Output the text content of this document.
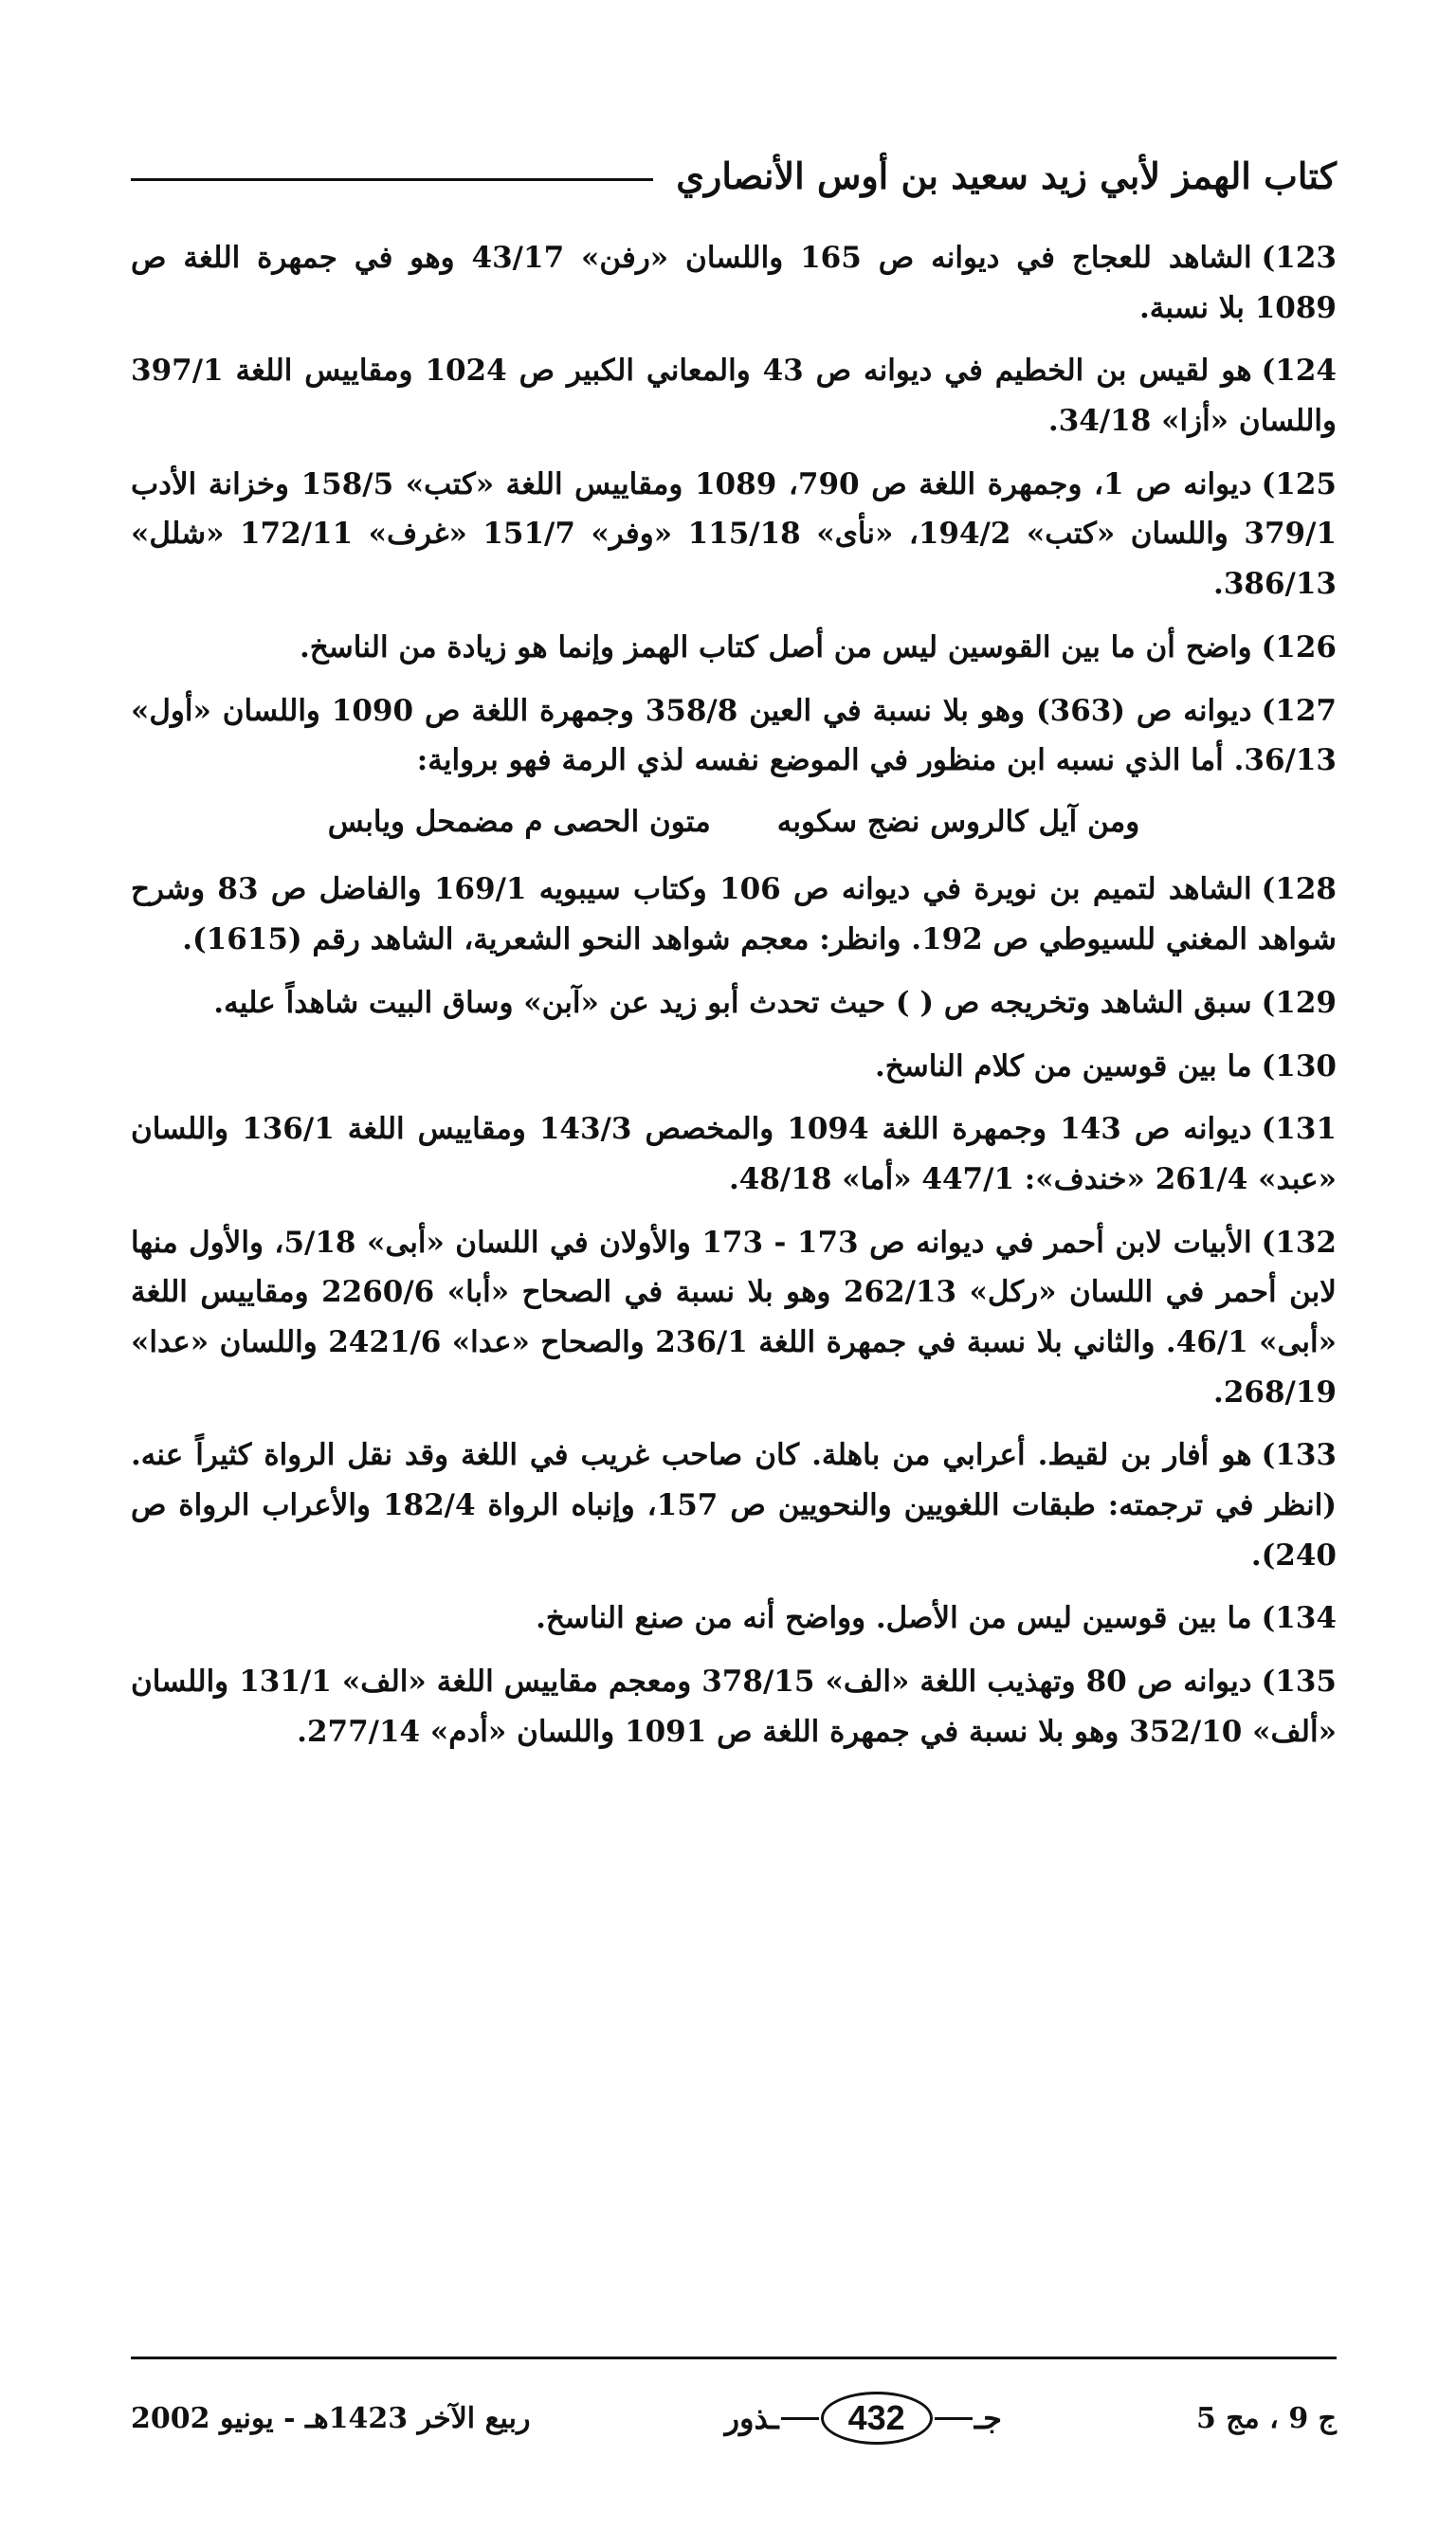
كتاب الهمز لأبي زيد سعيد بن أوس الأنصاري

123)الشاهد للعجاج في ديوانه ص 165 واللسان «رفن» 43/17 وهو في جمهرة اللغة ص 1089 بلا نسبة.

124)هو لقيس بن الخطيم في ديوانه ص 43 والمعاني الكبير ص 1024 ومقاييس اللغة 397/1 واللسان «أزا» 34/18.

125)ديوانه ص 1، وجمهرة اللغة ص 790، 1089 ومقاييس اللغة «كتب» 158/5 وخزانة الأدب 379/1 واللسان «كتب» 194/2، «نأى» 115/18 «وفر» 151/7 «غرف» 172/11 «شلل» 386/13.

126)واضح أن ما بين القوسين ليس من أصل كتاب الهمز وإنما هو زيادة من الناسخ.

127)ديوانه ص (363) وهو بلا نسبة في العين 358/8 وجمهرة اللغة ص 1090 واللسان «أول» 36/13. أما الذي نسبه ابن منظور في الموضع نفسه لذي الرمة فهو برواية:

ومن آيل كالروس نضج سكوبه
متون الحصى م مضمحل ويابس

128)الشاهد لتميم بن نويرة في ديوانه ص 106 وكتاب سيبويه 169/1 والفاضل ص 83 وشرح شواهد المغني للسيوطي ص 192. وانظر: معجم شواهد النحو الشعرية، الشاهد رقم (1615).

129)سبق الشاهد وتخريجه ص ( ) حيث تحدث أبو زيد عن «آبن» وساق البيت شاهداً عليه.

130)ما بين قوسين من كلام الناسخ.

131)ديوانه ص 143 وجمهرة اللغة 1094 والمخصص 143/3 ومقاييس اللغة 136/1 واللسان «عبد» 261/4 «خندف»: 447/1 «أما» 48/18.

132)الأبيات لابن أحمر في ديوانه ص 173 - 173 والأولان في اللسان «أبى» 5/18، والأول منها لابن أحمر في اللسان «ركل» 262/13 وهو بلا نسبة في الصحاح «أبا» 2260/6 ومقاييس اللغة «أبى» 46/1. والثاني بلا نسبة في جمهرة اللغة 236/1 والصحاح «عدا» 2421/6 واللسان «عدا» 268/19.

133)هو أفار بن لقيط. أعرابي من باهلة. كان صاحب غريب في اللغة وقد نقل الرواة كثيراً عنه. (انظر في ترجمته: طبقات اللغويين والنحويين ص 157، وإنباه الرواة 182/4 والأعراب الرواة ص 240).

134)ما بين قوسين ليس من الأصل. وواضح أنه من صنع الناسخ.

135)ديوانه ص 80 وتهذيب اللغة «الف» 378/15 ومعجم مقاييس اللغة «الف» 131/1 واللسان «ألف» 352/10 وهو بلا نسبة في جمهرة اللغة ص 1091 واللسان «أدم» 277/14.

ج 9 ، مج 5
جـ
432
ـذور
ربيع الآخر 1423هـ - يونيو 2002
